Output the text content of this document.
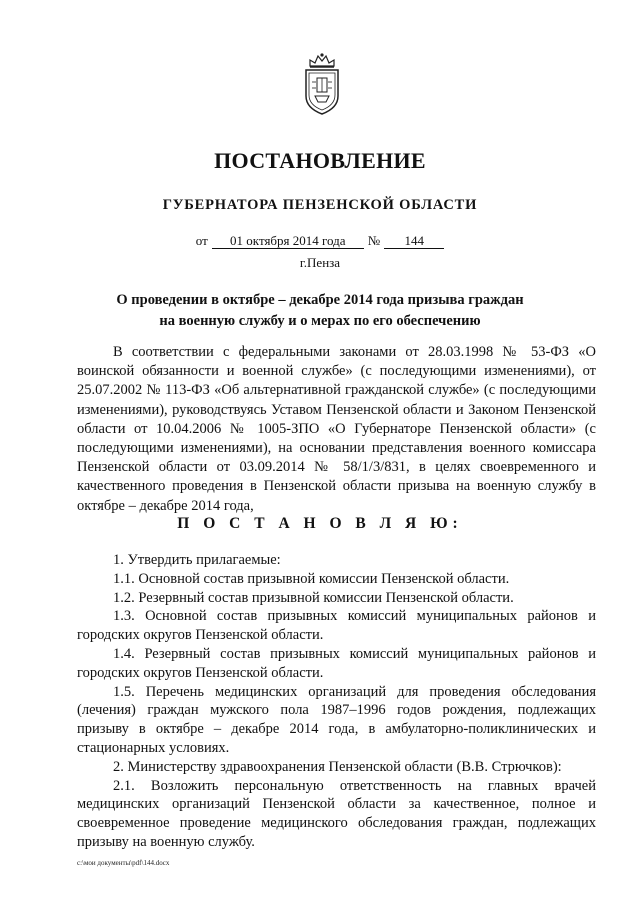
ПОСТАНОВЛЕНИЕ
ГУБЕРНАТОРА ПЕНЗЕНСКОЙ ОБЛАСТИ
от 01 октября 2014 года № 144
г.Пенза
О проведении в октябре – декабре 2014 года призыва граждан
на военную службу и о мерах по его обеспечению
В соответствии с федеральными законами от 28.03.1998 № 53-ФЗ «О воинской обязанности и военной службе» (с последующими изменениями), от 25.07.2002 № 113-ФЗ «Об альтернативной гражданской службе» (с последующими изменениями), руководствуясь Уставом Пензенской области и Законом Пензенской области от 10.04.2006 № 1005-ЗПО «О Губернаторе Пензенской области» (с последующими изменениями), на основании представления военного комиссара Пензенской области от 03.09.2014 № 58/1/3/831, в целях своевременного и качественного проведения в Пензенской области призыва на военную службу в октябре – декабре 2014 года,
П О С Т А Н О В Л Я Ю:

1. Утвердить прилагаемые:

1.1. Основной состав призывной комиссии Пензенской области.

1.2. Резервный состав призывной комиссии Пензенской области.

1.3. Основной состав призывных комиссий муниципальных районов и городских округов Пензенской области.

1.4. Резервный состав призывных комиссий муниципальных районов и городских округов Пензенской области.

1.5. Перечень медицинских организаций для проведения обследования (лечения) граждан мужского пола 1987–1996 годов рождения, подлежащих призыву в октябре – декабре 2014 года, в амбулаторно-поликлинических и стационарных условиях.

2. Министерству здравоохранения Пензенской области (В.В. Стрючков):

2.1. Возложить персональную ответственность на главных врачей медицинских организаций Пензенской области за качественное, полное и своевременное проведение медицинского обследования граждан, подлежащих призыву на военную службу.

c:\мои документы\pdf\144.docx
